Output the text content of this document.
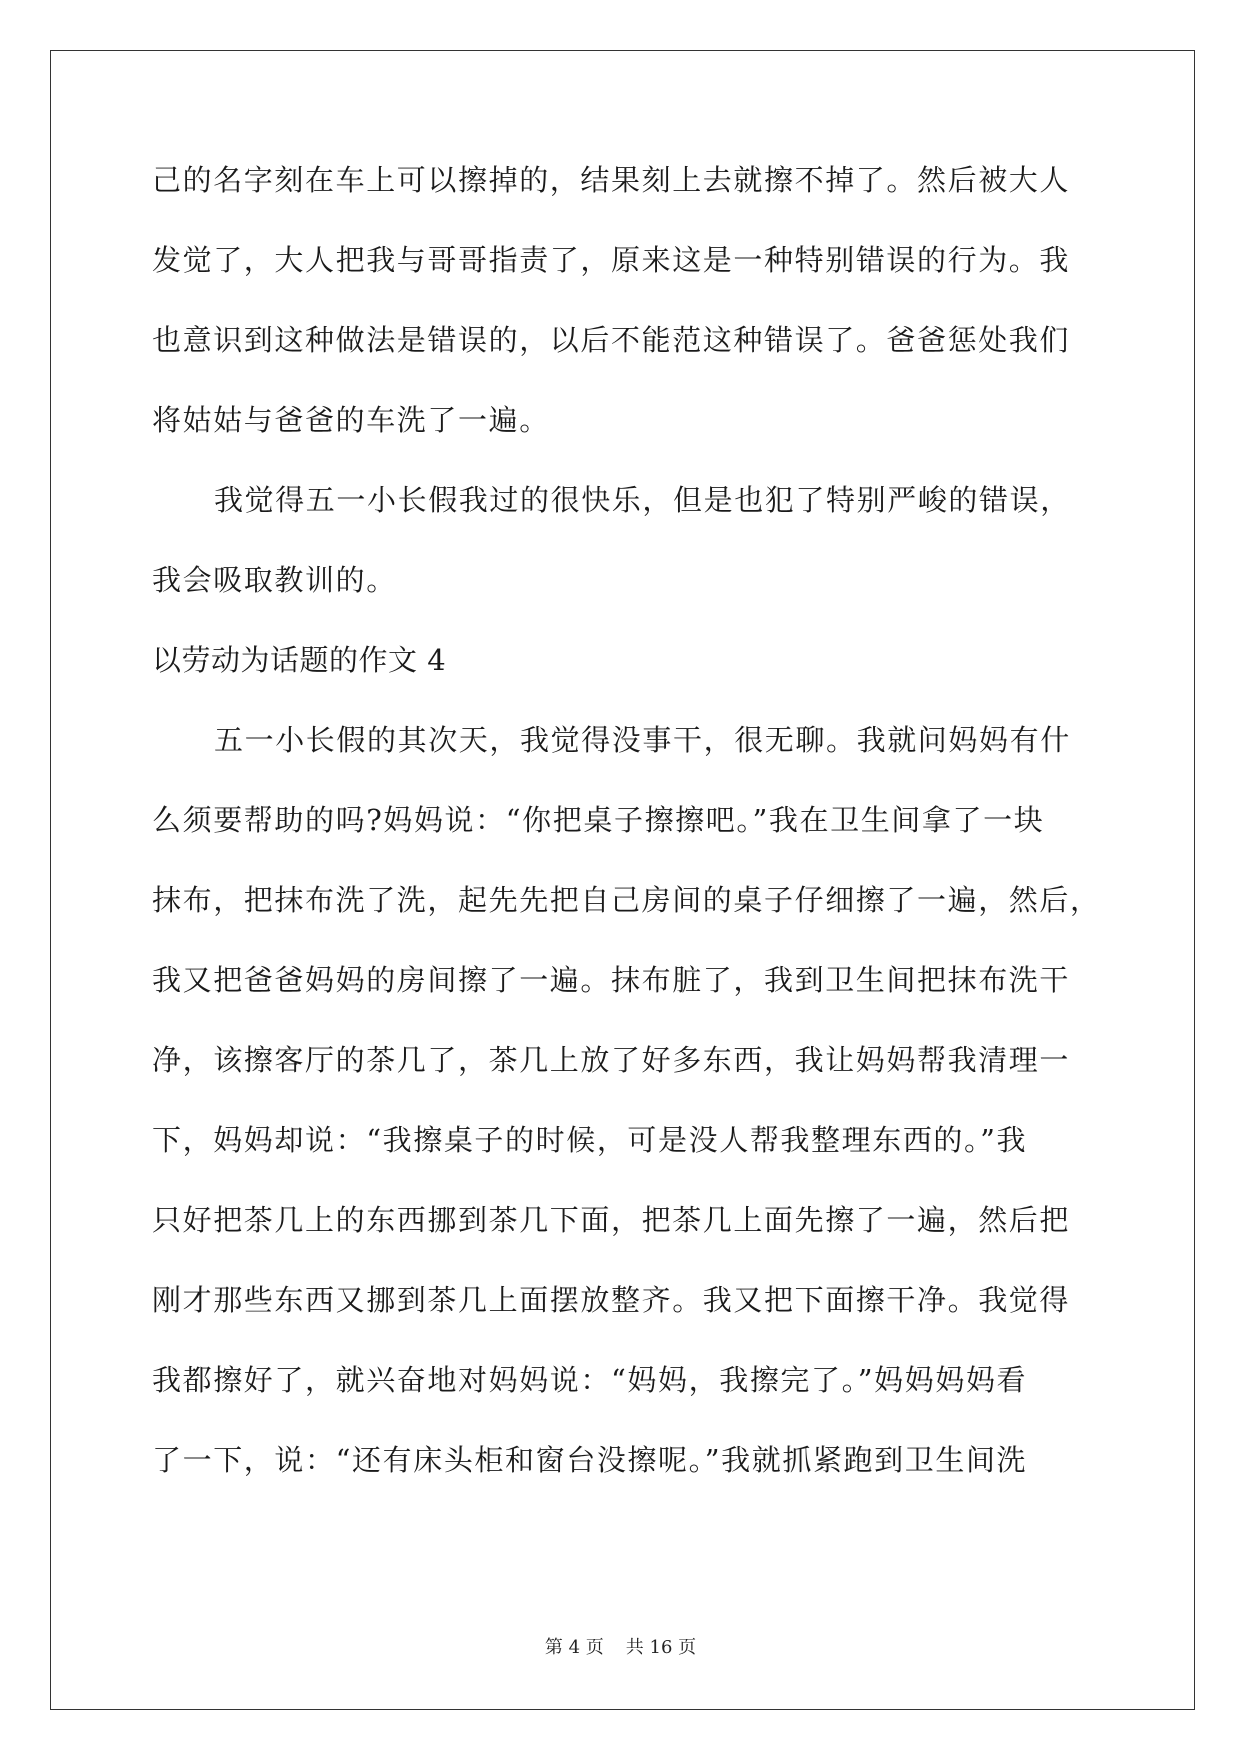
己的名字刻在车上可以擦掉的，结果刻上去就擦不掉了。然后被大人
发觉了，大人把我与哥哥指责了，原来这是一种特别错误的行为。我
也意识到这种做法是错误的，以后不能范这种错误了。爸爸惩处我们
将姑姑与爸爸的车洗了一遍。
我觉得五一小长假我过的很快乐，但是也犯了特别严峻的错误，
我会吸取教训的。
以劳动为话题的作文 4
五一小长假的其次天，我觉得没事干，很无聊。我就问妈妈有什
么须要帮助的吗?妈妈说：“你把桌子擦擦吧。”我在卫生间拿了一块
抹布，把抹布洗了洗，起先先把自己房间的桌子仔细擦了一遍，然后，
我又把爸爸妈妈的房间擦了一遍。抹布脏了，我到卫生间把抹布洗干
净，该擦客厅的茶几了，茶几上放了好多东西，我让妈妈帮我清理一
下，妈妈却说：“我擦桌子的时候，可是没人帮我整理东西的。”我
只好把茶几上的东西挪到茶几下面，把茶几上面先擦了一遍，然后把
刚才那些东西又挪到茶几上面摆放整齐。我又把下面擦干净。我觉得
我都擦好了，就兴奋地对妈妈说：“妈妈，我擦完了。”妈妈妈妈看
了一下，说：“还有床头柜和窗台没擦呢。”我就抓紧跑到卫生间洗
第 4 页 共 16 页
